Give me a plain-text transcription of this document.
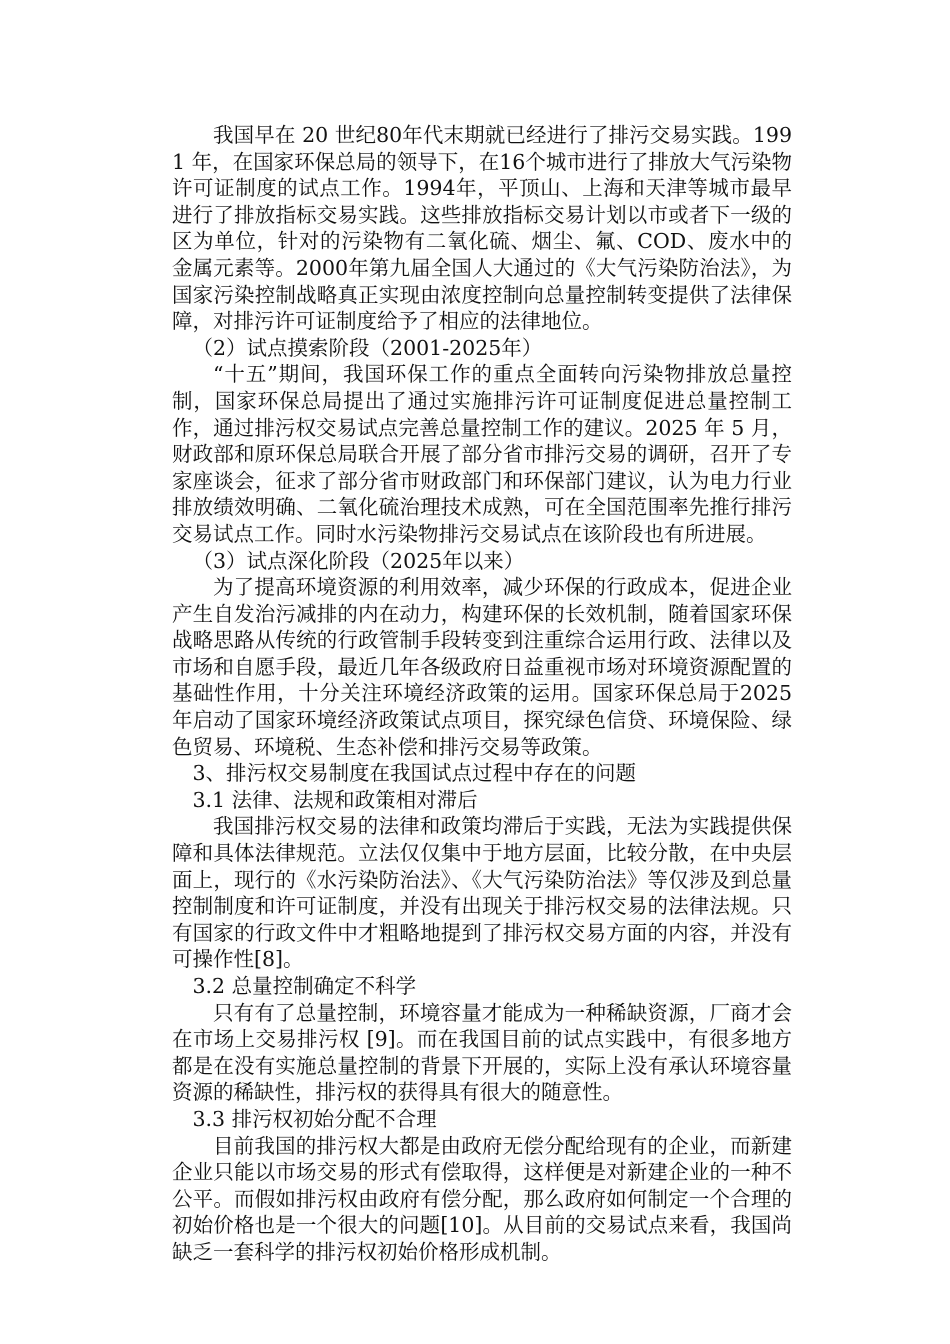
我国早在 20 世纪80年代末期就已经进行了排污交易实践。1991 年，在国家环保总局的领导下，在16个城市进行了排放大气污染物许可证制度的试点工作。1994年，平顶山、上海和天津等城市最早进行了排放指标交易实践。这些排放指标交易计划以市或者下一级的区为单位，针对的污染物有二氧化硫、烟尘、氟、COD、废水中的金属元素等。2000年第九届全国人大通过的《大气污染防治法》，为国家污染控制战略真正实现由浓度控制向总量控制转变提供了法律保障，对排污许可证制度给予了相应的法律地位。

（2）试点摸索阶段（2001-2025年）

“十五”期间，我国环保工作的重点全面转向污染物排放总量控制，国家环保总局提出了通过实施排污许可证制度促进总量控制工作，通过排污权交易试点完善总量控制工作的建议。2025 年 5 月，财政部和原环保总局联合开展了部分省市排污交易的调研，召开了专家座谈会，征求了部分省市财政部门和环保部门建议，认为电力行业排放绩效明确、二氧化硫治理技术成熟，可在全国范围率先推行排污交易试点工作。同时水污染物排污交易试点在该阶段也有所进展。

（3）试点深化阶段（2025年以来）

为了提高环境资源的利用效率，减少环保的行政成本，促进企业产生自发治污减排的内在动力，构建环保的长效机制，随着国家环保战略思路从传统的行政管制手段转变到注重综合运用行政、法律以及市场和自愿手段，最近几年各级政府日益重视市场对环境资源配置的基础性作用，十分关注环境经济政策的运用。国家环保总局于2025年启动了国家环境经济政策试点项目，探究绿色信贷、环境保险、绿色贸易、环境税、生态补偿和排污交易等政策。

3、排污权交易制度在我国试点过程中存在的问题

3.1 法律、法规和政策相对滞后

我国排污权交易的法律和政策均滞后于实践，无法为实践提供保障和具体法律规范。立法仅仅集中于地方层面，比较分散，在中央层面上，现行的《水污染防治法》、《大气污染防治法》等仅涉及到总量控制制度和许可证制度，并没有出现关于排污权交易的法律法规。只有国家的行政文件中才粗略地提到了排污权交易方面的内容，并没有可操作性[8]。

3.2 总量控制确定不科学

只有有了总量控制，环境容量才能成为一种稀缺资源，厂商才会在市场上交易排污权 [9]。而在我国目前的试点实践中，有很多地方都是在没有实施总量控制的背景下开展的，实际上没有承认环境容量资源的稀缺性，排污权的获得具有很大的随意性。

3.3 排污权初始分配不合理

目前我国的排污权大都是由政府无偿分配给现有的企业，而新建企业只能以市场交易的形式有偿取得，这样便是对新建企业的一种不公平。而假如排污权由政府有偿分配，那么政府如何制定一个合理的初始价格也是一个很大的问题[10]。从目前的交易试点来看，我国尚缺乏一套科学的排污权初始价格形成机制。
